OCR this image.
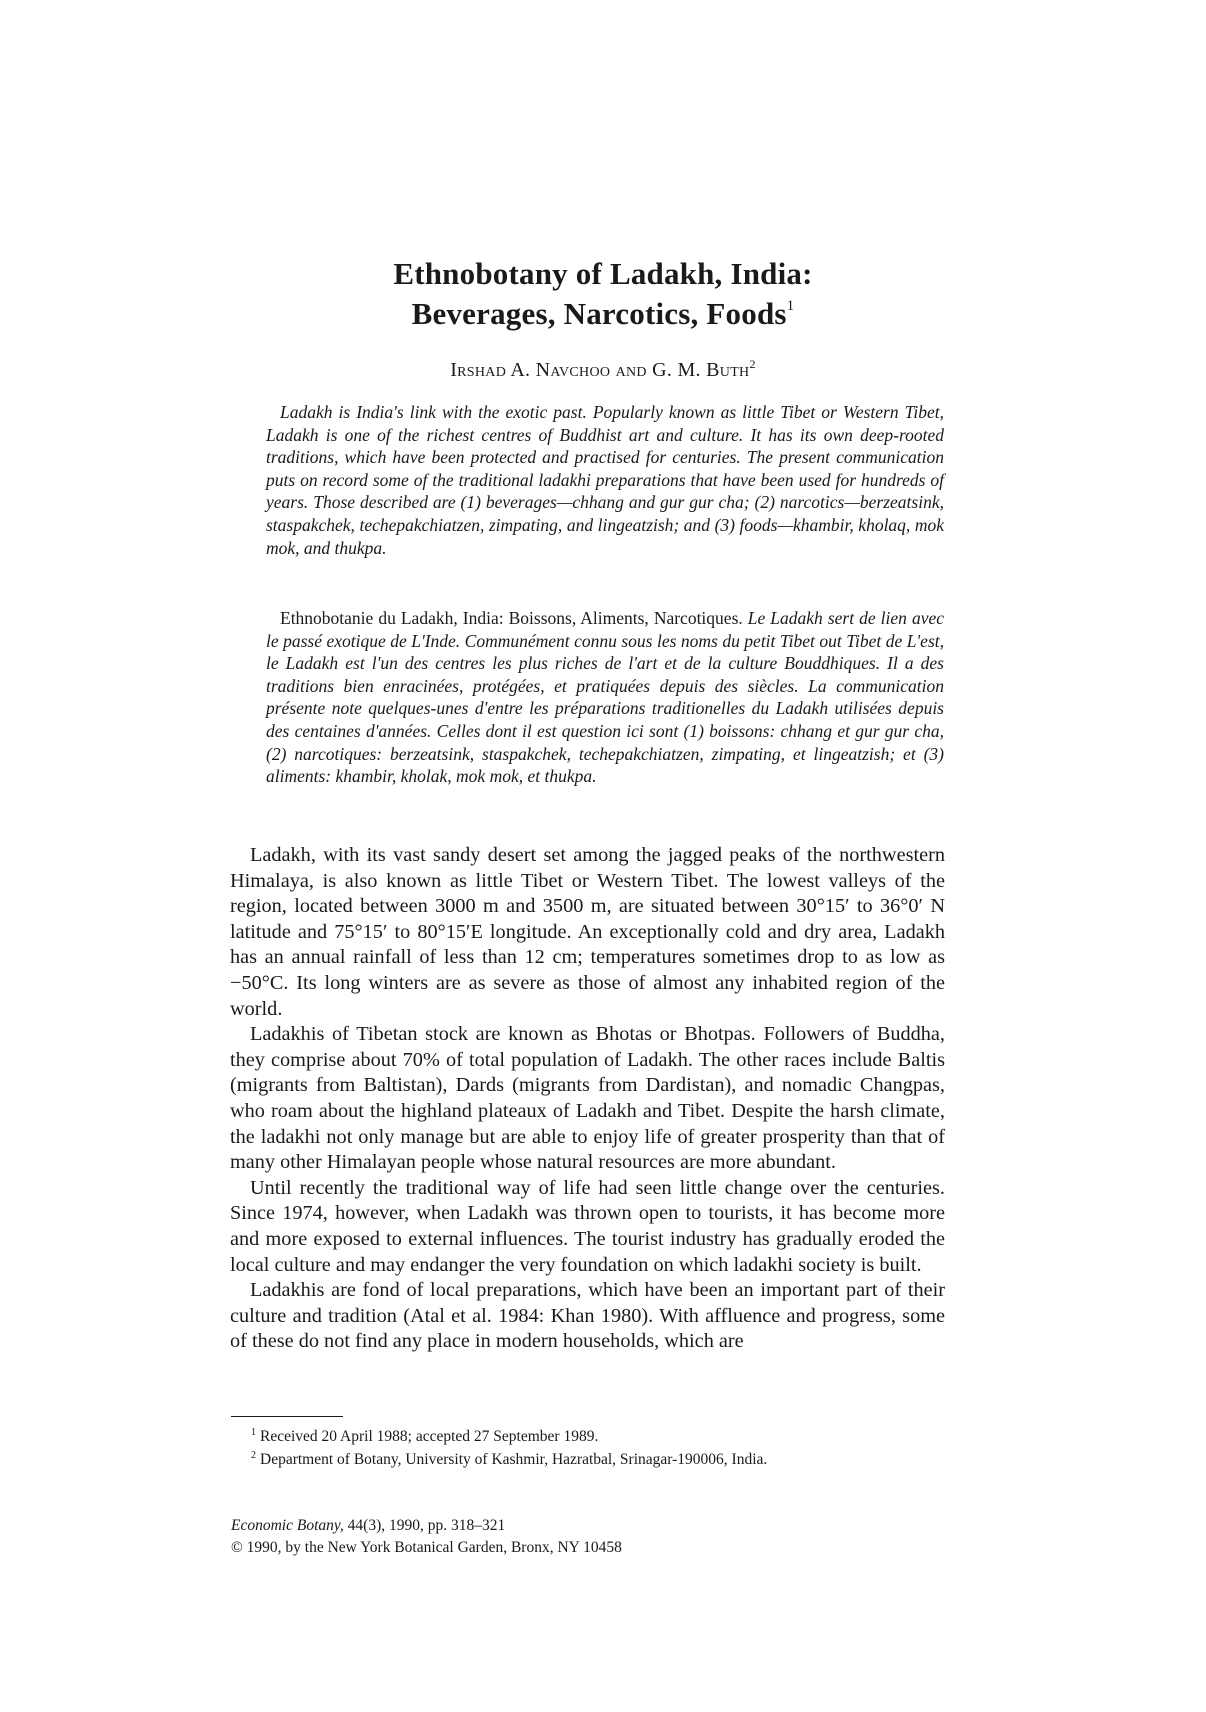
Ethnobotany of Ladakh, India:
Beverages, Narcotics, Foods$^1$
Irshad A. Navchoo and G. M. Buth$^2$

Ladakh is India's link with the exotic past. Popularly known as little Tibet or Western Tibet, Ladakh is one of the richest centres of Buddhist art and culture. It has its own deep-rooted traditions, which have been protected and practised for centuries. The present communication puts on record some of the traditional ladakhi preparations that have been used for hundreds of years. Those described are (1) beverages—chhang and gur gur cha; (2) narcotics—berzeatsink, staspakchek, techepakchiatzen, zimpating, and lingeatzish; and (3) foods—khambir, kholaq, mok mok, and thukpa.

Ethnobotanie du Ladakh, India: Boissons, Aliments, Narcotiques. Le Ladakh sert de lien avec le passé exotique de L'Inde. Communément connu sous les noms du petit Tibet out Tibet de L'est, le Ladakh est l'un des centres les plus riches de l'art et de la culture Bouddhiques. Il a des traditions bien enracinées, protégées, et pratiquées depuis des siècles. La communication présente note quelques-unes d'entre les préparations traditionelles du Ladakh utilisées depuis des centaines d'années. Celles dont il est question ici sont (1) boissons: chhang et gur gur cha, (2) narcotiques: berzeatsink, staspakchek, techepakchiatzen, zimpating, et lingeatzish; et (3) aliments: khambir, kholak, mok mok, et thukpa.

Ladakh, with its vast sandy desert set among the jagged peaks of the northwestern Himalaya, is also known as little Tibet or Western Tibet. The lowest valleys of the region, located between 3000 m and 3500 m, are situated between 30°15′ to 36°0′ N latitude and 75°15′ to 80°15′E longitude. An exceptionally cold and dry area, Ladakh has an annual rainfall of less than 12 cm; temperatures sometimes drop to as low as −50°C. Its long winters are as severe as those of almost any inhabited region of the world.

Ladakhis of Tibetan stock are known as Bhotas or Bhotpas. Followers of Buddha, they comprise about 70% of total population of Ladakh. The other races include Baltis (migrants from Baltistan), Dards (migrants from Dardistan), and nomadic Changpas, who roam about the highland plateaux of Ladakh and Tibet. Despite the harsh climate, the ladakhi not only manage but are able to enjoy life of greater prosperity than that of many other Himalayan people whose natural resources are more abundant.

Until recently the traditional way of life had seen little change over the centuries. Since 1974, however, when Ladakh was thrown open to tourists, it has become more and more exposed to external influences. The tourist industry has gradually eroded the local culture and may endanger the very foundation on which ladakhi society is built.

Ladakhis are fond of local preparations, which have been an important part of their culture and tradition (Atal et al. 1984: Khan 1980). With affluence and progress, some of these do not find any place in modern households, which are

$^1$ Received 20 April 1988; accepted 27 September 1989.
$^2$ Department of Botany, University of Kashmir, Hazratbal, Srinagar-190006, India.
Economic Botany, 44(3), 1990, pp. 318–321
© 1990, by the New York Botanical Garden, Bronx, NY 10458
